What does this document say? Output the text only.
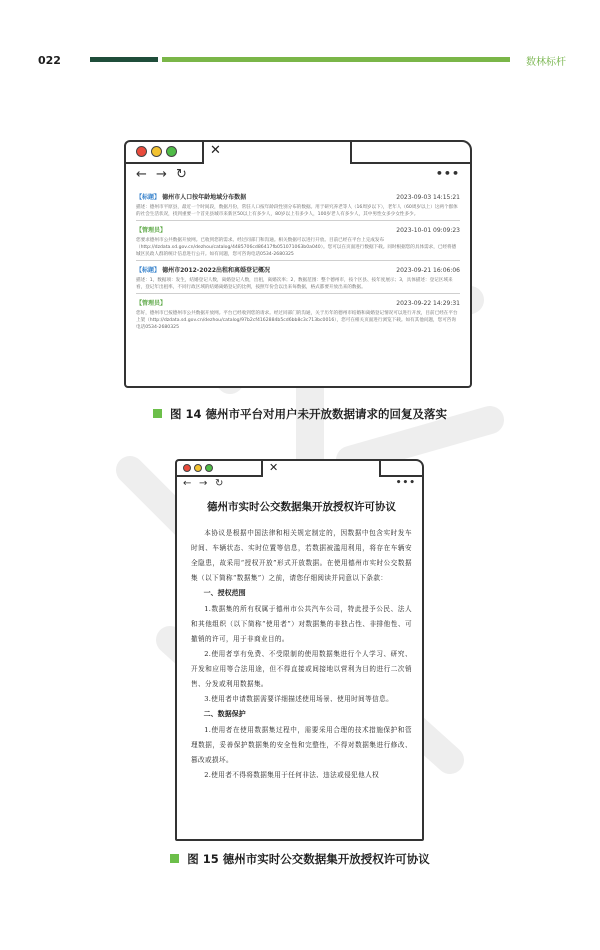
022	数林标杆
✕
← → ↻	•••
【标题】 德州市人口按年龄地域分布数据	2023-09-03 14:15:21
描述：德州市平原县，最近一个时间段，数据月份，常驻人口按年龄段性别分布的数据。用于研究养老等人（16周岁以下），老年人（60周岁以上）这两个群体的社会生活状况，找到重要一个首先县城市来新区50以上有多少人，80岁以上有多少人，100岁老人有多少人，其中男性女多少女性多少。
【管理员】	2023-10-01 09:09:23
您要求德州市公共数据开放网。已收到您的需求。经过同部门和沟通。相关数据可以进行开放。目前已经在平台上完成发布（http://dzdata.sd.gov.cn/dezhou/catalog/4485706cd86417fb051071063b0a040）。您可以在页面进行数据下载。同时根据您的具体需求，已经将德城区民政人群的统计信息进行公开。如有问题，您可咨询电话0534-2680325
【标题】 德州市2012-2022出租和离婚登记概况	2023-09-21 16:06:06
描述：1，数据项：发生，结婚登记人数，离婚登记人数，出租，离婚次率；2，数据范围：整个德州市，按个区县、按年度展示；3，具体描述：登记区域来看，登记年出租率，不同行政区域的结婚离婚登记的比例，按照年份会以出来每数据，格式都要开放出来的数据。
【管理员】	2023-09-22 14:29:31
您好，德州市已按德州市公共数据开放网。平台已经收到您的请求。经过同部门的沟通，关于历年的德州市结婚和离婚登记情况可以进行开放，目前已经在平台上架（http://dzdata.sd.gov.cn/dezhou/catalog/97b2cf4162884b5cd6bb8c3c713bc0016），您可在相关页面进行浏览下载。如有其他问题，您可咨询电话0534-2680325
图 14 德州市平台对用户未开放数据请求的回复及落实
✕
← → ↻	•••
德州市实时公交数据集开放授权许可协议

本协议是根据中国法律和相关规定制定的，因数据中包含实时发车时间、车辆状态、实时位置等信息，若数据被滥用利用，将存在车辆安全隐患，故采用“授权开放”形式开放数据。在使用德州市实时公交数据集（以下简称“数据集”）之前，请您仔细阅读并同意以下条款：

一、授权范围

1.数据集的所有权属于德州市公共汽车公司，特此授予公民、法人和其他组织（以下简称“使用者”）对数据集的非独占性、非排他性、可撤销的许可，用于非商业目的。

2.使用者享有免费、不受限制的使用数据集进行个人学习、研究、开发和应用等合法用途，但不得直接或间接地以营利为目的进行二次销售、分发或利用数据集。

3.使用者申请数据需要详细描述使用场景、使用时间等信息。

二、数据保护

1.使用者在使用数据集过程中，需要采用合理的技术措施保护和管理数据，妥善保护数据集的安全性和完整性，不得对数据集进行修改、篡改或损坏。

2.使用者不得将数据集用于任何非法、违法或侵犯他人权

图 15 德州市实时公交数据集开放授权许可协议
